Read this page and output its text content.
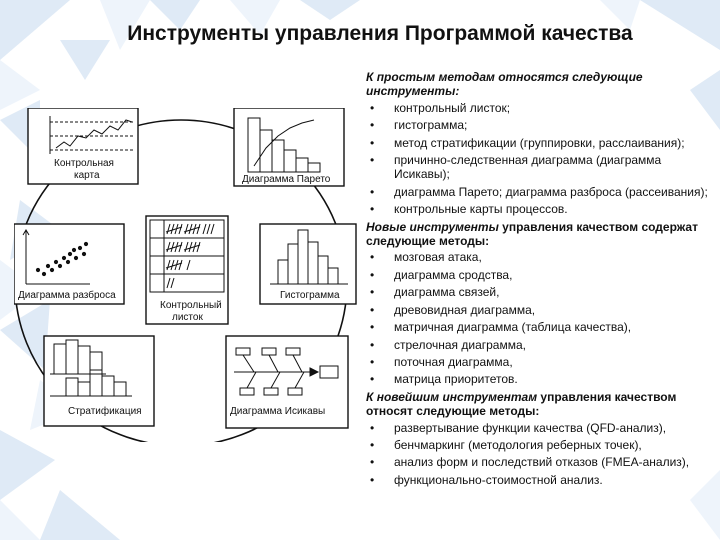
Инструменты управления Программой качества
Контрольная
карта	Диаграмма Парето
Диаграмма разброса	Гистограмма
Контрольный
листок
Стратификация	Диаграмма Исикавы

К простым методам относятся следующие инструменты:

• контрольный листок;
• гистограмма;
• метод стратификации (группировки, расслаивания);
• причинно-следственная диаграмма (диаграмма Исикавы);
• диаграмма Парето; диаграмма разброса (рассеивания);
• контрольные карты процессов.

Новые инструменты управления качеством содержат следующие методы:

• мозговая атака,
• диаграмма сродства,
• диаграмма связей,
• древовидная диаграмма,
• матричная диаграмма (таблица качества),
• стрелочная диаграмма,
• поточная диаграмма,
• матрица приоритетов.

К новейшим инструментам управления качеством относят следующие методы:

• развертывание функции качества (QFD-анализ),
• бенчмаркинг (методология реберных точек),
• анализ форм и последствий отказов (FMEA-анализ),
• функционально-стоимостной анализ.
